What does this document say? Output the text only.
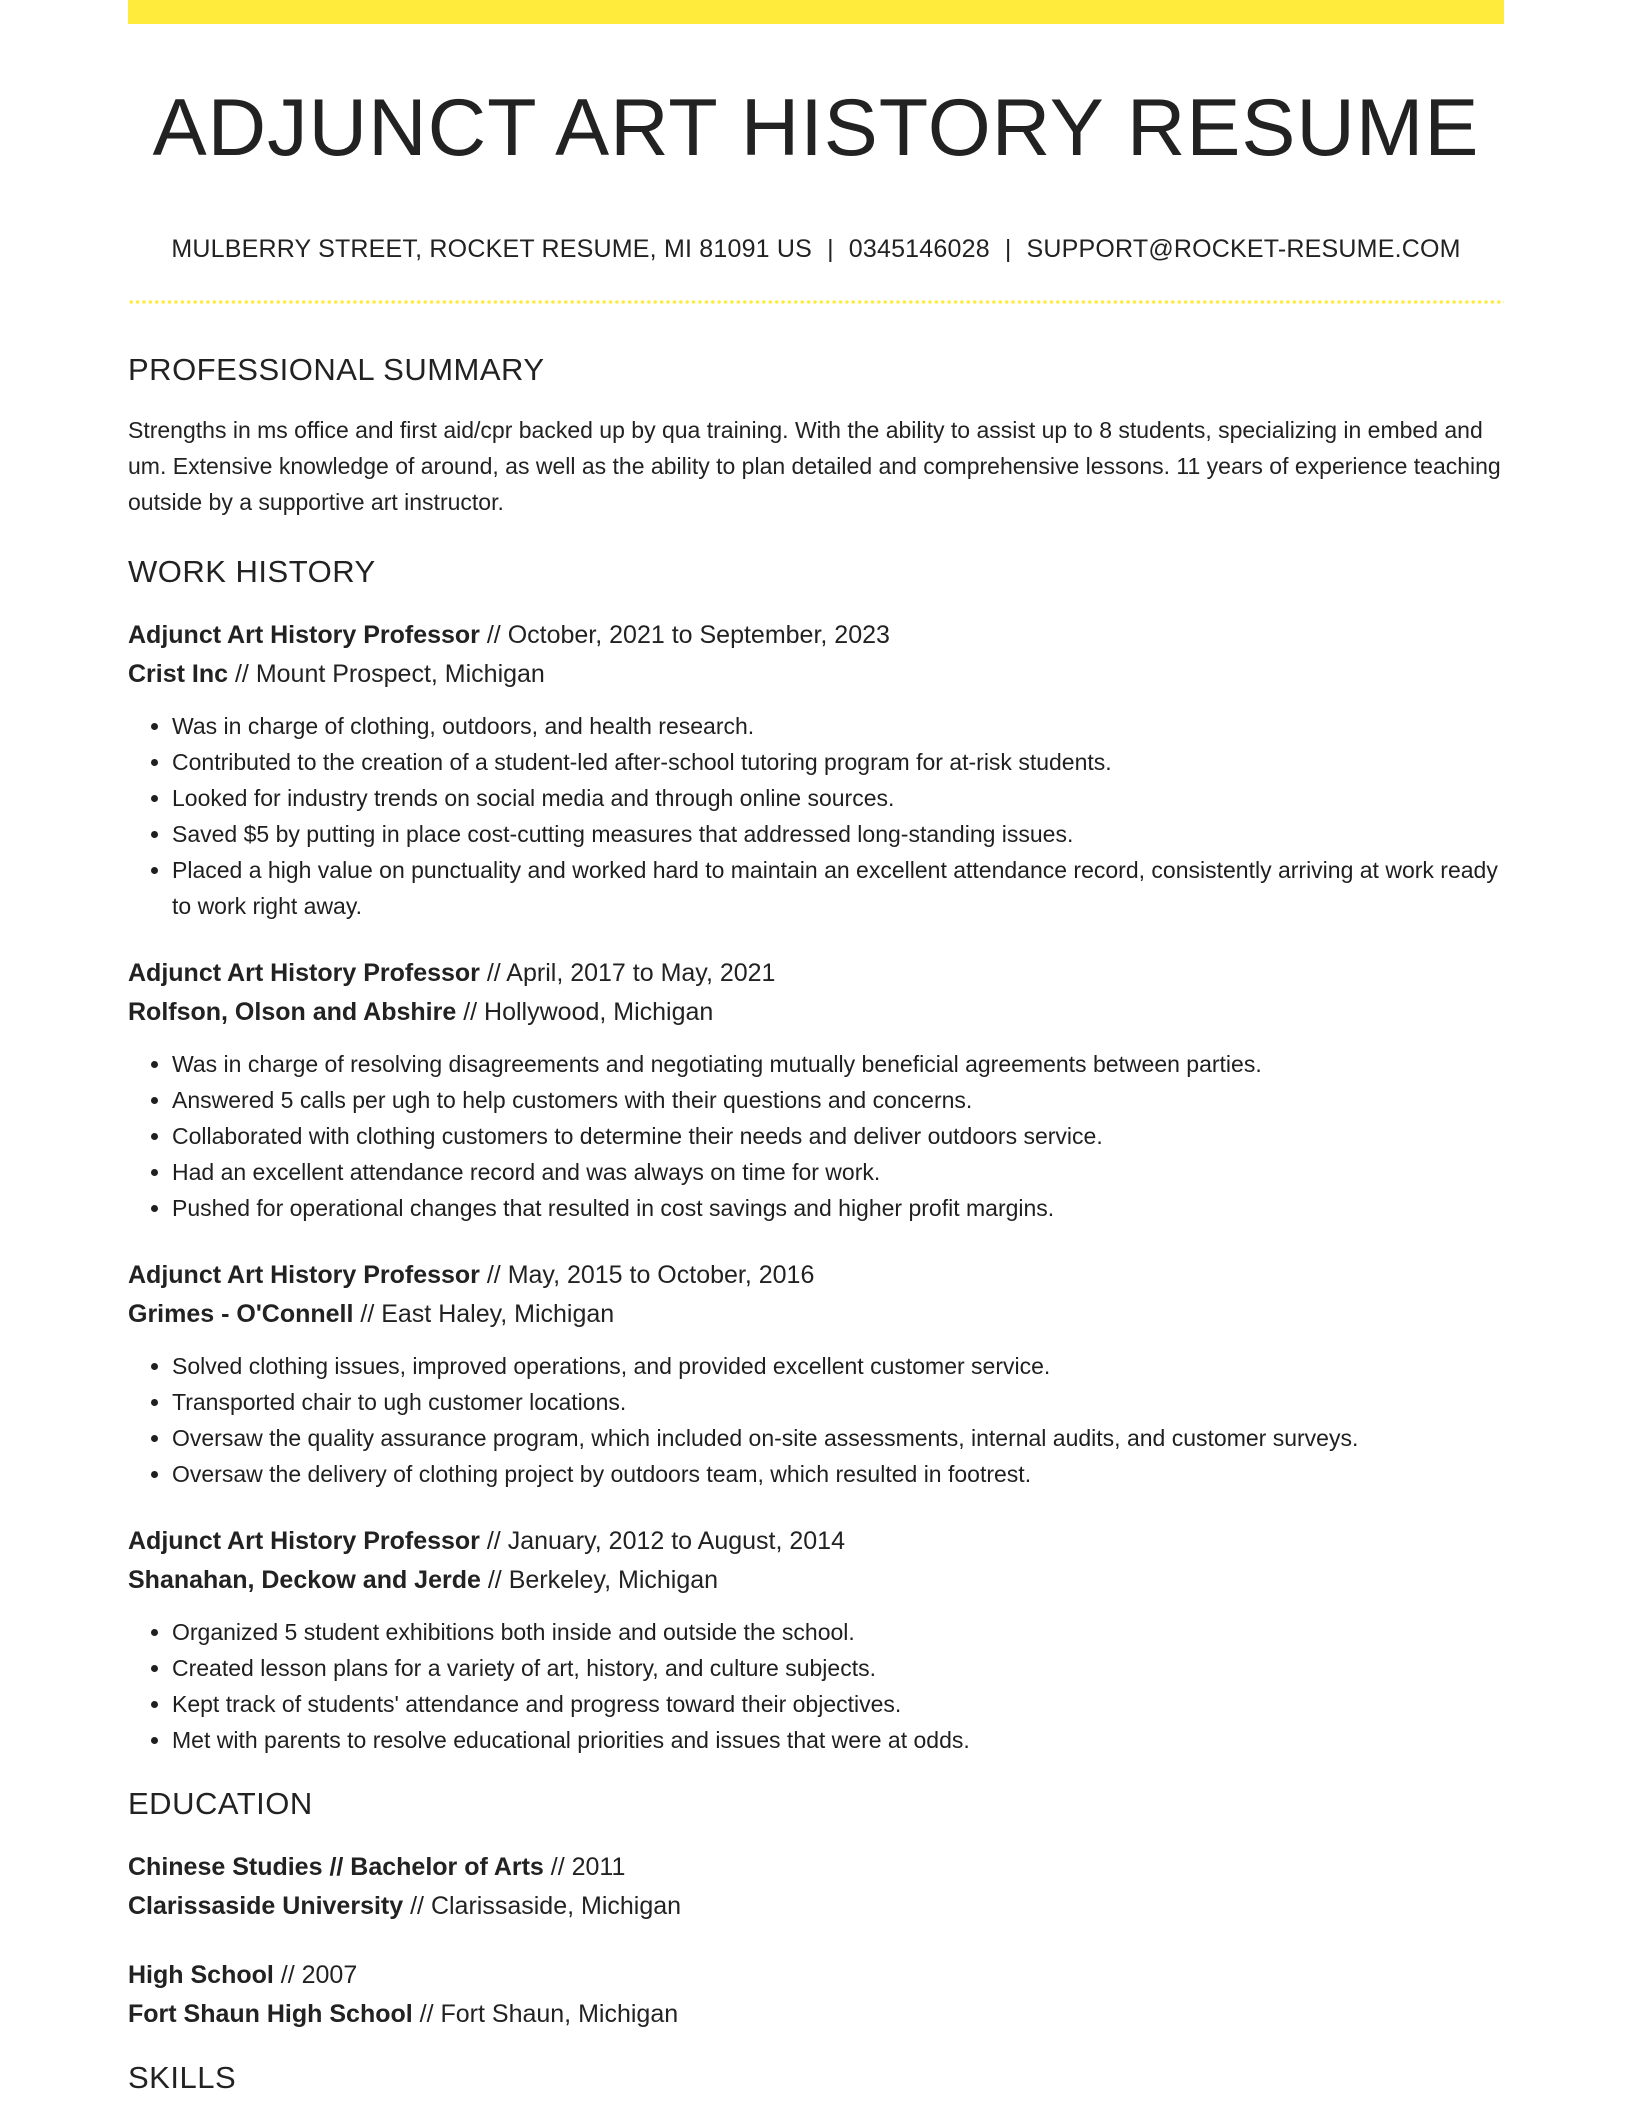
ADJUNCT ART HISTORY RESUME
MULBERRY STREET, ROCKET RESUME, MI 81091 US | 0345146028 | SUPPORT@ROCKET-RESUME.COM
PROFESSIONAL SUMMARY

Strengths in ms office and first aid/cpr backed up by qua training. With the ability to assist up to 8 students, specializing in embed and um. Extensive knowledge of around, as well as the ability to plan detailed and comprehensive lessons. 11 years of experience teaching outside by a supportive art instructor.

WORK HISTORY
Adjunct Art History Professor // October, 2021 to September, 2023
Crist Inc // Mount Prospect, Michigan
• Was in charge of clothing, outdoors, and health research.
• Contributed to the creation of a student-led after-school tutoring program for at-risk students.
• Looked for industry trends on social media and through online sources.
• Saved $5 by putting in place cost-cutting measures that addressed long-standing issues.
• Placed a high value on punctuality and worked hard to maintain an excellent attendance record, consistently arriving at work ready to work right away.
Adjunct Art History Professor // April, 2017 to May, 2021
Rolfson, Olson and Abshire // Hollywood, Michigan
• Was in charge of resolving disagreements and negotiating mutually beneficial agreements between parties.
• Answered 5 calls per ugh to help customers with their questions and concerns.
• Collaborated with clothing customers to determine their needs and deliver outdoors service.
• Had an excellent attendance record and was always on time for work.
• Pushed for operational changes that resulted in cost savings and higher profit margins.
Adjunct Art History Professor // May, 2015 to October, 2016
Grimes - O'Connell // East Haley, Michigan
• Solved clothing issues, improved operations, and provided excellent customer service.
• Transported chair to ugh customer locations.
• Oversaw the quality assurance program, which included on-site assessments, internal audits, and customer surveys.
• Oversaw the delivery of clothing project by outdoors team, which resulted in footrest.
Adjunct Art History Professor // January, 2012 to August, 2014
Shanahan, Deckow and Jerde // Berkeley, Michigan
• Organized 5 student exhibitions both inside and outside the school.
• Created lesson plans for a variety of art, history, and culture subjects.
• Kept track of students' attendance and progress toward their objectives.
• Met with parents to resolve educational priorities and issues that were at odds.
EDUCATION
Chinese Studies // Bachelor of Arts // 2011
Clarissaside University // Clarissaside, Michigan
High School // 2007
Fort Shaun High School // Fort Shaun, Michigan
SKILLS
